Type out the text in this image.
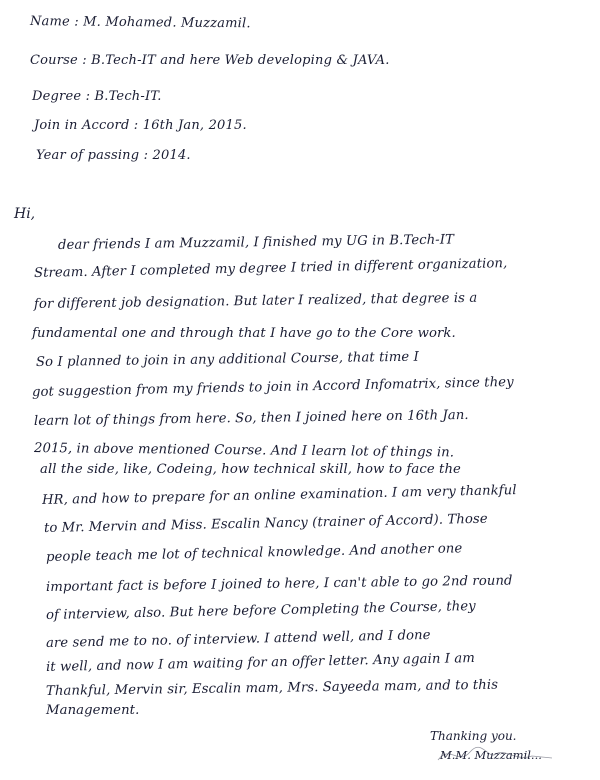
Name : M. Mohamed. Muzzamil.
Course : B.Tech-IT and here Web developing & JAVA.
Degree : B.Tech-IT.
Join in Accord : 16th Jan, 2015.
Year of passing : 2014.
Hi,
dear friends I am Muzzamil, I finished my UG in B.Tech-IT
Stream. After I completed my degree I tried in different organization,
for different job designation. But later I realized, that degree is a
fundamental one and through that I have go to the Core work.
So I planned to join in any additional Course, that time I
got suggestion from my friends to join in Accord Infomatrix, since they
learn lot of things from here. So, then I joined here on 16th Jan.
2015, in above mentioned Course. And I learn lot of things in.
all the side, like, Codeing, how technical skill, how to face the
HR, and how to prepare for an online examination. I am very thankful
to Mr. Mervin and Miss. Escalin Nancy (trainer of Accord). Those
people teach me lot of technical knowledge. And another one
important fact is before I joined to here, I can't able to go 2nd round
of interview, also. But here before Completing the Course, they
are send me to no. of interview. I attend well, and I done
it well, and now I am waiting for an offer letter. Any again I am
Thankful, Mervin sir, Escalin mam, Mrs. Sayeeda mam, and to this
Management.
Thanking you.
M.M. Muzzamil...
